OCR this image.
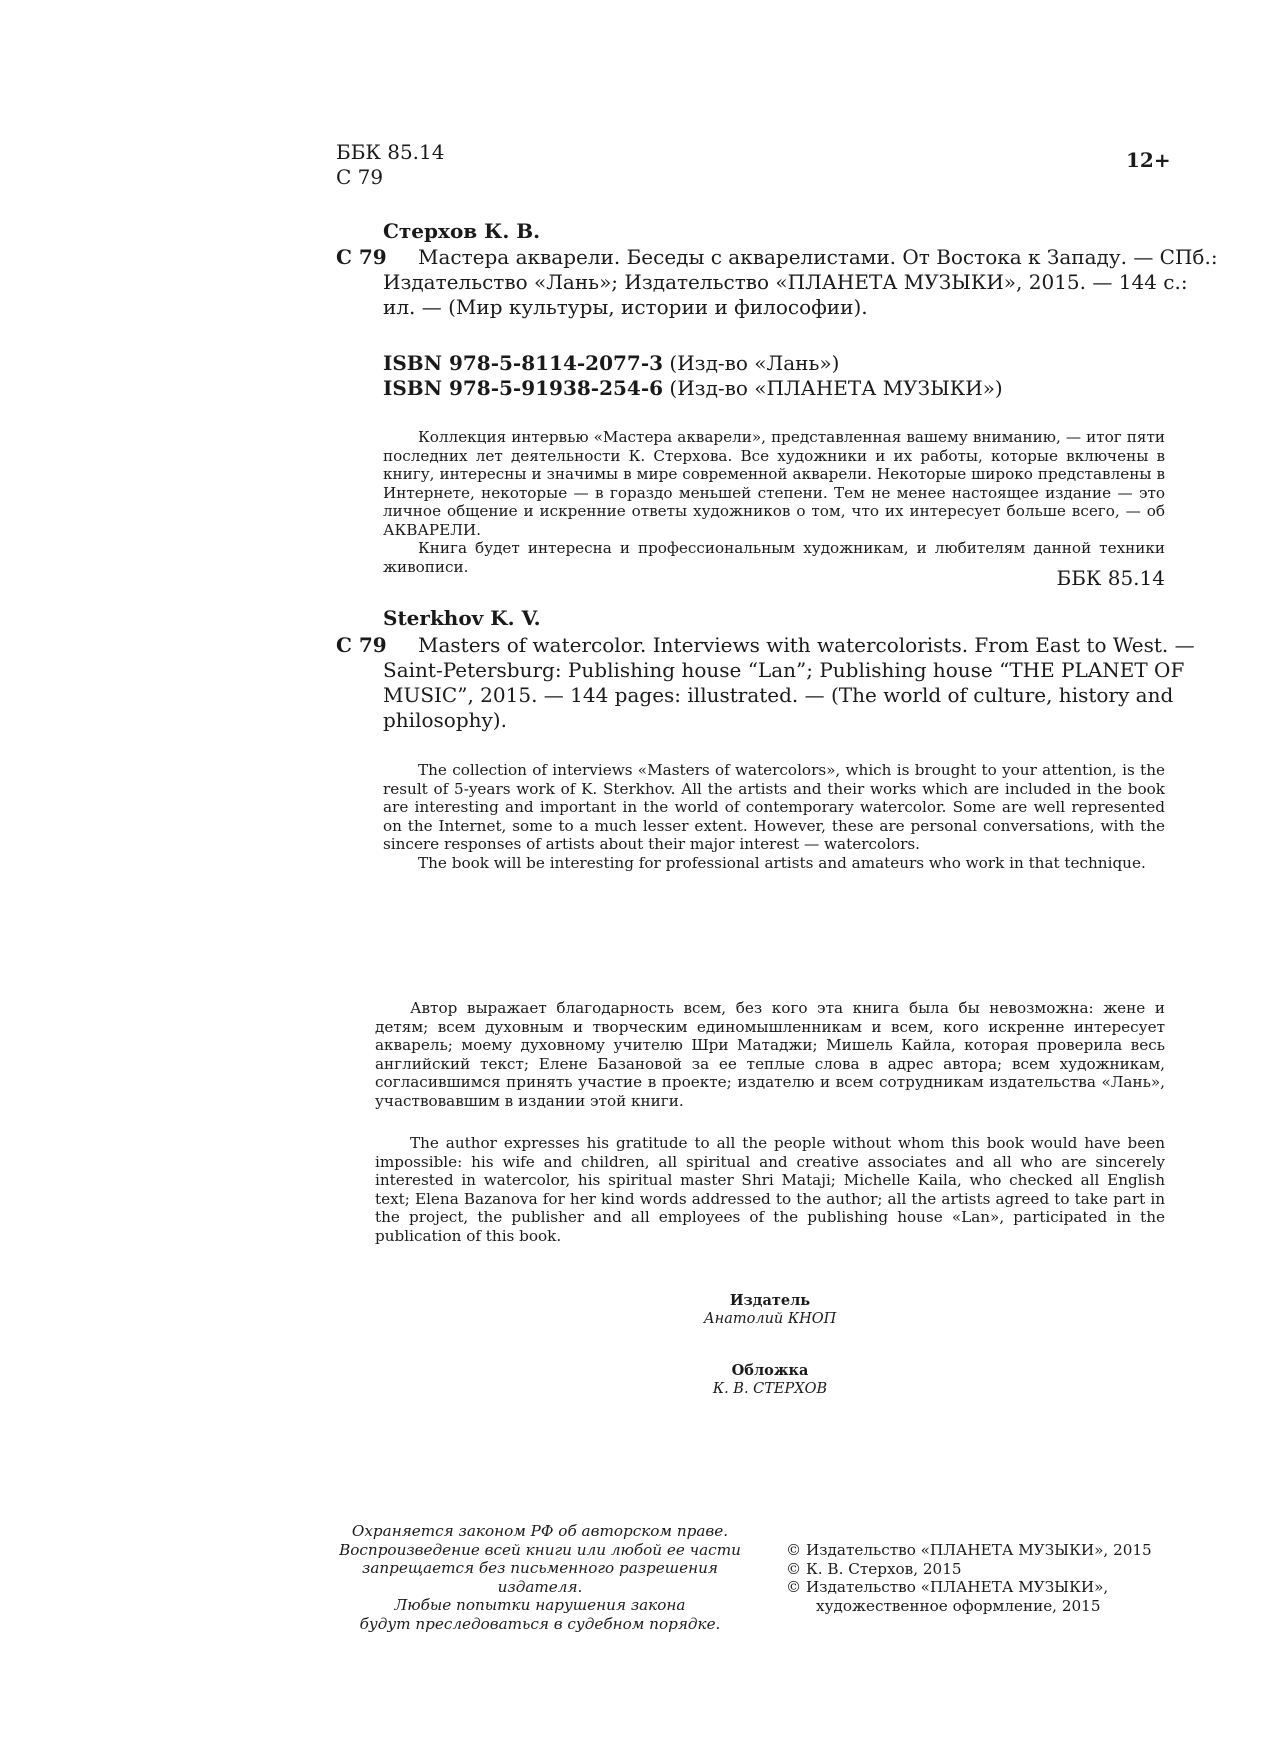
ББК 85.14
С 79
12+
Стерхов К. В.
С 79 Мастера акварели. Беседы с акварелистами. От Востока к Западу. — СПб.:
Издательство «Лань»; Издательство «ПЛАНЕТА МУЗЫКИ», 2015. — 144 с.:
ил. — (Мир культуры, истории и философии).
ISBN 978-5-8114-2077-3 (Изд-во «Лань»)
ISBN 978-5-91938-254-6 (Изд-во «ПЛАНЕТА МУЗЫКИ»)

Коллекция интервью «Мастера акварели», представленная вашему вниманию, — итог пяти последних лет деятельности К. Стерхова. Все художники и их работы, которые включены в книгу, интересны и значимы в мире современной акварели. Некоторые широко представлены в Интернете, некоторые — в гораздо меньшей степени. Тем не менее настоящее издание — это личное общение и искренние ответы художников о том, что их интересует больше всего, — об АКВАРЕЛИ.

Книга будет интересна и профессиональным художникам, и любителям данной техники живописи.	ББК 85.14
Sterkhov K. V.
С 79 Masters of watercolor. Interviews with watercolorists. From East to West. —
Saint-Petersburg: Publishing house “Lan”; Publishing house “THE PLANET OF
MUSIC”, 2015. — 144 pages: illustrated. — (The world of culture, history and
philosophy).

The collection of interviews «Masters of watercolors», which is brought to your attention, is the result of 5-years work of K. Sterkhov. All the artists and their works which are included in the book are interesting and important in the world of contemporary watercolor. Some are well represented on the Internet, some to a much lesser extent. However, these are personal conversations, with the sincere responses of artists about their major interest — watercolors.

The book will be interesting for professional artists and amateurs who work in that technique.

Автор выражает благодарность всем, без кого эта книга была бы невозможна: жене и детям; всем духовным и творческим единомышленникам и всем, кого искренне интересует акварель; моему духовному учителю Шри Матаджи; Мишель Кайла, которая проверила весь английский текст; Елене Базановой за ее теплые слова в адрес автора; всем художникам, согласившимся принять участие в проекте; издателю и всем сотрудникам издательства «Лань», участвовавшим в издании этой книги.

The author expresses his gratitude to all the people without whom this book would have been impossible: his wife and children, all spiritual and creative associates and all who are sincerely interested in watercolor, his spiritual master Shri Mataji; Michelle Kaila, who checked all English text; Elena Bazanova for her kind words addressed to the author; all the artists agreed to take part in the project, the publisher and all employees of the publishing house «Lan», participated in the publication of this book.

Издатель
Анатолий КНОП
Обложка
К. В. СТЕРХОВ
Охраняется законом РФ об авторском праве.
Воспроизведение всей книги или любой ее части
запрещается без письменного разрешения издателя.
Любые попытки нарушения закона
будут преследоваться в судебном порядке.
© Издательство «ПЛАНЕТА МУЗЫКИ», 2015
© К. В. Стерхов, 2015
© Издательство «ПЛАНЕТА МУЗЫКИ»,
художественное оформление, 2015
